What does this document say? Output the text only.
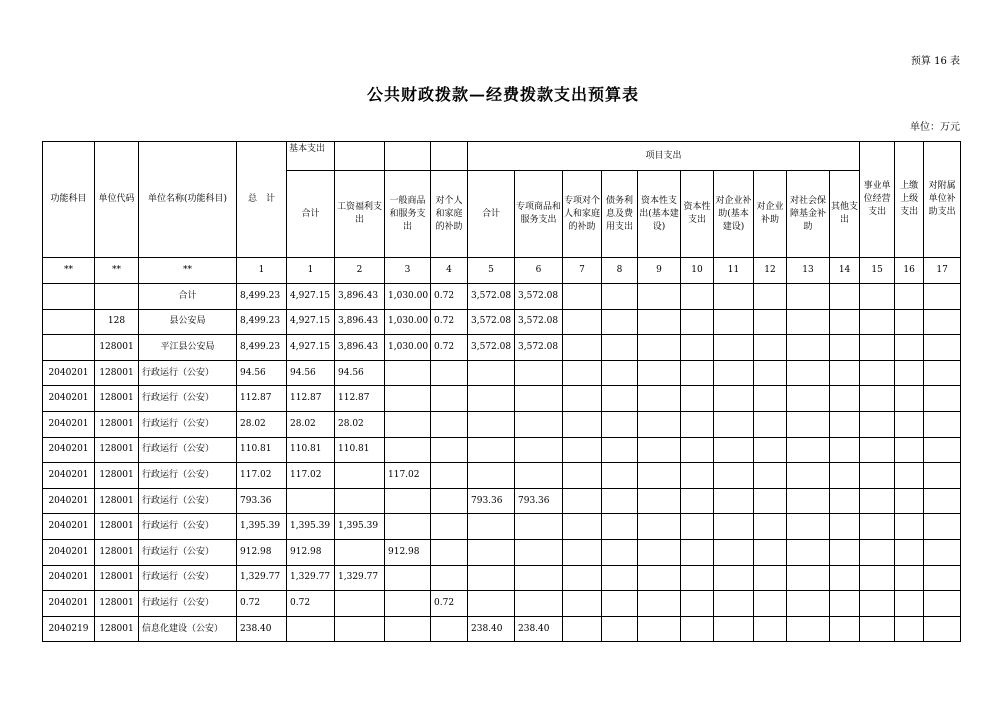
预算 16 表
公共财政拨款—经费拨款支出预算表
单位：万元
功能科目	单位代码	单位名称(功能科目)	总　计	基本支出				项目支出										事业单位经营支出	上缴上级支出	对附属单位补助支出
				合计	工资福利支出	一般商品和服务支出	对个人和家庭的补助	合计	专项商品和服务支出	专项对个人和家庭的补助	债务利息及费用支出	资本性支出(基本建设)	资本性支出	对企业补助(基本建设)	对企业补助	对社会保障基金补助	其他支出			
**	**	**	1	1	2	3	4	5	6	7	8	9	10	11	12	13	14	15	16	17
		合计	8,499.23	4,927.15	3,896.43	1,030.00	0.72	3,572.08	3,572.08											
	128	县公安局	8,499.23	4,927.15	3,896.43	1,030.00	0.72	3,572.08	3,572.08											
	128001	平江县公安局	8,499.23	4,927.15	3,896.43	1,030.00	0.72	3,572.08	3,572.08											
2040201	128001	行政运行（公安）	94.56	94.56	94.56															
2040201	128001	行政运行（公安）	112.87	112.87	112.87															
2040201	128001	行政运行（公安）	28.02	28.02	28.02															
2040201	128001	行政运行（公安）	110.81	110.81	110.81															
2040201	128001	行政运行（公安）	117.02	117.02		117.02														
2040201	128001	行政运行（公安）	793.36					793.36	793.36											
2040201	128001	行政运行（公安）	1,395.39	1,395.39	1,395.39															
2040201	128001	行政运行（公安）	912.98	912.98		912.98														
2040201	128001	行政运行（公安）	1,329.77	1,329.77	1,329.77															
2040201	128001	行政运行（公安）	0.72	0.72			0.72													
2040219	128001	信息化建设（公安）	238.40					238.40	238.40											
